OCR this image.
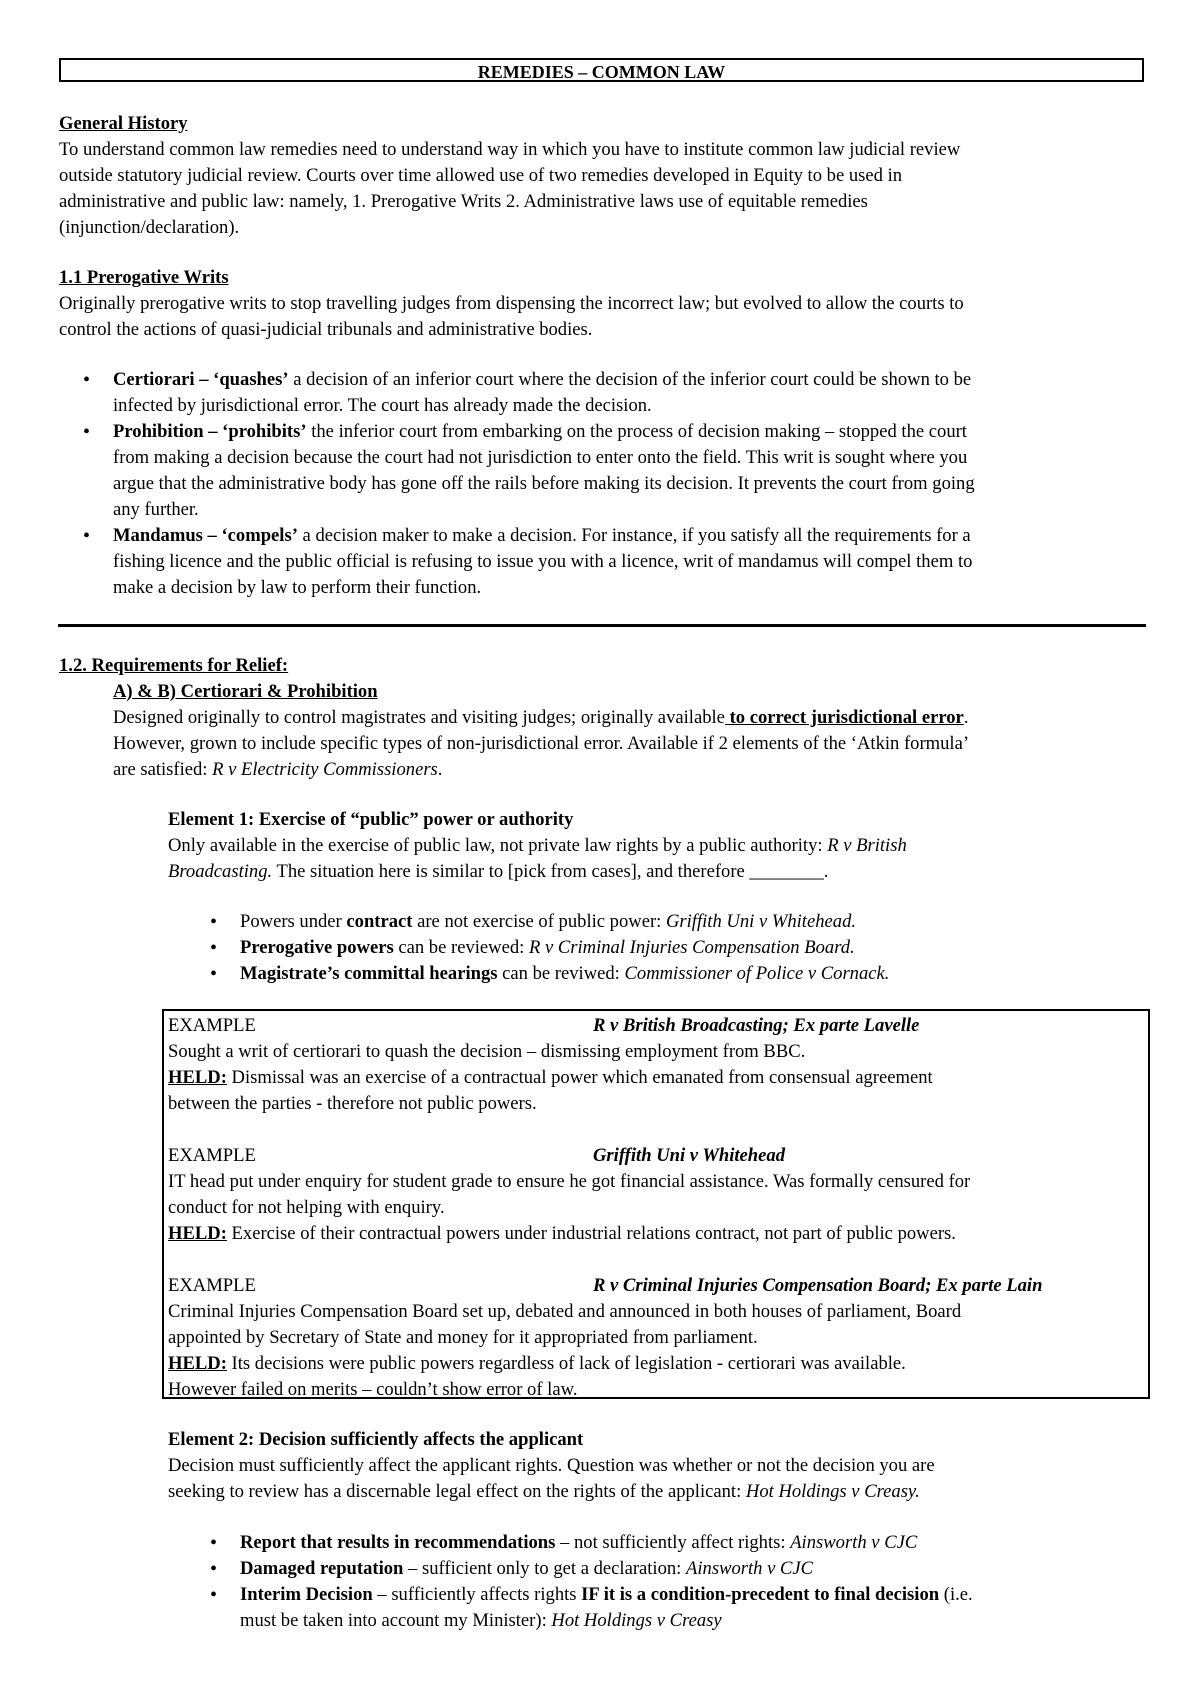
REMEDIES – COMMON LAW
General History
To understand common law remedies need to understand way in which you have to institute common law judicial review
outside statutory judicial review. Courts over time allowed use of two remedies developed in Equity to be used in
administrative and public law: namely, 1. Prerogative Writs 2. Administrative laws use of equitable remedies
(injunction/declaration).
1.1 Prerogative Writs
Originally prerogative writs to stop travelling judges from dispensing the incorrect law; but evolved to allow the courts to
control the actions of quasi-judicial tribunals and administrative bodies.
• Certiorari – ‘quashes’ a decision of an inferior court where the decision of the inferior court could be shown to be
infected by jurisdictional error. The court has already made the decision.
• Prohibition – ‘prohibits’ the inferior court from embarking on the process of decision making – stopped the court
from making a decision because the court had not jurisdiction to enter onto the field. This writ is sought where you
argue that the administrative body has gone off the rails before making its decision. It prevents the court from going
any further.
• Mandamus – ‘compels’ a decision maker to make a decision. For instance, if you satisfy all the requirements for a
fishing licence and the public official is refusing to issue you with a licence, writ of mandamus will compel them to
make a decision by law to perform their function.
1.2. Requirements for Relief:
A) & B) Certiorari & Prohibition
Designed originally to control magistrates and visiting judges; originally available to correct jurisdictional error.
However, grown to include specific types of non-jurisdictional error. Available if 2 elements of the ‘Atkin formula’
are satisfied: R v Electricity Commissioners.
Element 1: Exercise of “public” power or authority
Only available in the exercise of public law, not private law rights by a public authority: R v British
Broadcasting. The situation here is similar to [pick from cases], and therefore ________.
• Powers under contract are not exercise of public power: Griffith Uni v Whitehead.
• Prerogative powers can be reviewed: R v Criminal Injuries Compensation Board.
• Magistrate’s committal hearings can be reviwed: Commissioner of Police v Cornack.
EXAMPLE	R v British Broadcasting; Ex parte Lavelle
Sought a writ of certiorari to quash the decision – dismissing employment from BBC.
HELD: Dismissal was an exercise of a contractual power which emanated from consensual agreement
between the parties - therefore not public powers.
EXAMPLE	Griffith Uni v Whitehead
IT head put under enquiry for student grade to ensure he got financial assistance. Was formally censured for
conduct for not helping with enquiry.
HELD: Exercise of their contractual powers under industrial relations contract, not part of public powers.
EXAMPLE	R v Criminal Injuries Compensation Board; Ex parte Lain
Criminal Injuries Compensation Board set up, debated and announced in both houses of parliament, Board
appointed by Secretary of State and money for it appropriated from parliament.
HELD: Its decisions were public powers regardless of lack of legislation - certiorari was available.
However failed on merits – couldn’t show error of law.
Element 2: Decision sufficiently affects the applicant
Decision must sufficiently affect the applicant rights. Question was whether or not the decision you are
seeking to review has a discernable legal effect on the rights of the applicant: Hot Holdings v Creasy.
• Report that results in recommendations – not sufficiently affect rights: Ainsworth v CJC
• Damaged reputation – sufficient only to get a declaration: Ainsworth v CJC
• Interim Decision – sufficiently affects rights IF it is a condition-precedent to final decision (i.e.
must be taken into account my Minister): Hot Holdings v Creasy
